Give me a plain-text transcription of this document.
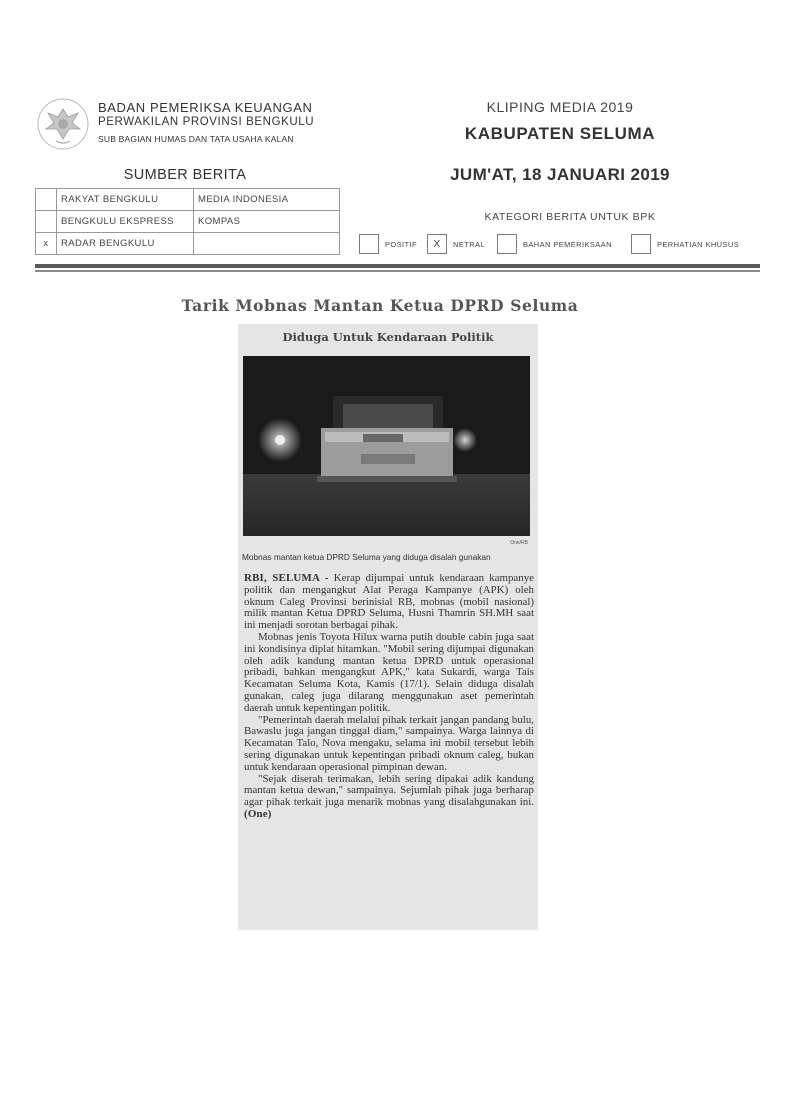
BADAN PEMERIKSA KEUANGAN
PERWAKILAN PROVINSI BENGKULU
SUB BAGIAN HUMAS DAN TATA USAHA KALAN
KLIPING MEDIA 2019
KABUPATEN SELUMA
JUM'AT, 18 JANUARI 2019
SUMBER BERITA
	RAKYAT BENGKULU	MEDIA INDONESIA
	BENGKULU EKSPRESS	KOMPAS
x	RADAR BENGKULU	
KATEGORI BERITA UNTUK BPK
POSITIF	X	NETRAL	BAHAN PEMERIKSAAN	PERHATIAN KHUSUS
Tarik Mobnas Mantan Ketua DPRD Seluma
Diduga Untuk Kendaraan Politik
One/RB
Mobnas mantan ketua DPRD Seluma yang diduga disalah gunakan

RBI, SELUMA - Kerap dijumpai untuk kendaraan kampanye politik dan mengangkut Alat Peraga Kampanye (APK) oleh oknum Caleg Provinsi berinisial RB, mobnas (mobil nasional) milik mantan Ketua DPRD Seluma, Husni Thamrin SH.MH saat ini menjadi sorotan berbagai pihak.

Mobnas jenis Toyota Hilux warna putih double cabin juga saat ini kondisinya diplat hitamkan. "Mobil sering dijumpai digunakan oleh adik kandung mantan ketua DPRD untuk operasional pribadi, bahkan mengangkut APK," kata Sukardi, warga Tais Kecamatan Seluma Kota, Kamis (17/1). Selain diduga disalah gunakan, caleg juga dilarang menggunakan aset pemerintah daerah untuk kepentingan politik.

"Pemerintah daerah melalui pihak terkait jangan pandang bulu, Bawaslu juga jangan tinggal diam," sampainya. Warga lainnya di Kecamatan Talo, Nova mengaku, selama ini mobil tersebut lebih sering digunakan untuk kepentingan pribadi oknum caleg, bukan untuk kendaraan operasional pimpinan dewan.

"Sejak diserah terimakan, lebih sering dipakai adik kandung mantan ketua dewan," sampainya. Sejumlah pihak juga berharap agar pihak terkait juga menarik mobnas yang disalahgunakan ini. (One)
